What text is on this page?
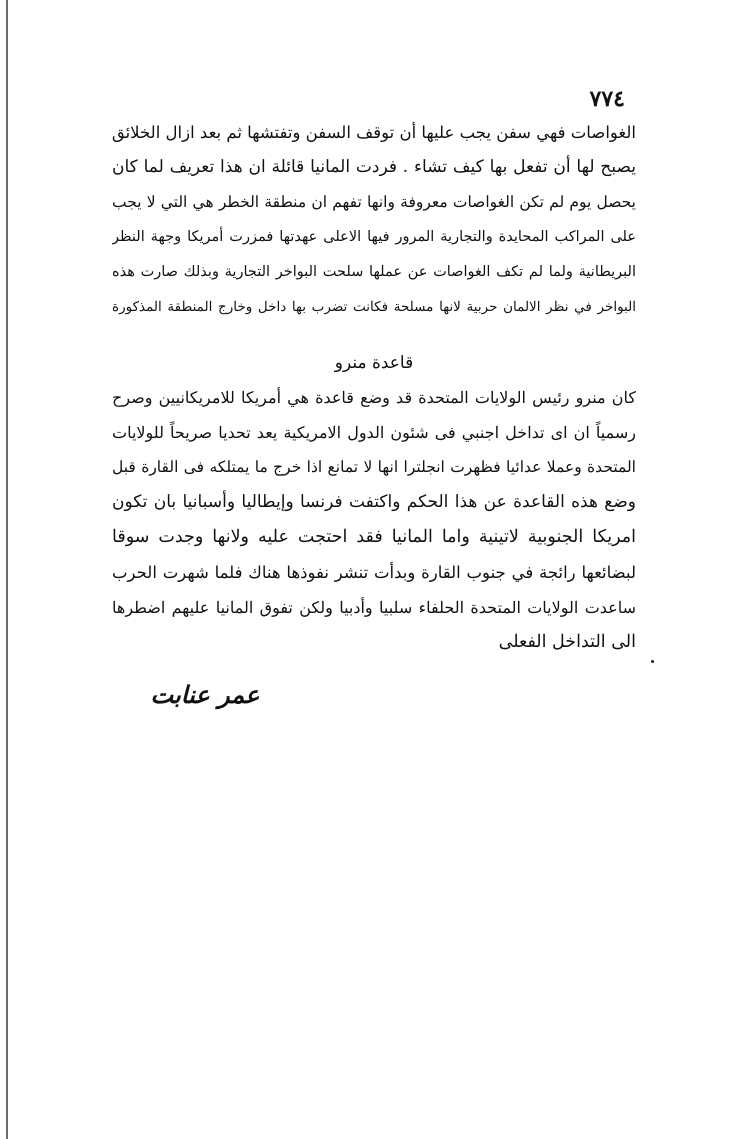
٧٧٤
الغواصات فهي سفن يجب عليها أن توقف السفن وتفتشها ثم بعد ازال الخلائق
يصبح لها أن تفعل بها كيف تشاء . فردت المانيا قائلة ان هذا تعريف لما كان
يحصل يوم لم تكن الغواصات معروفة وانها تفهم ان منطقة الخطر هي التي لا يجب
على المراكب المحايدة والتجارية المرور فيها الاعلى عهدتها فمزرت أمريكا وجهة النظر
البريطانية ولما لم تكف الغواصات عن عملها سلحت البواخر التجارية وبذلك صارت هذه
البواخر في نظر الالمان حربية لانها مسلحة فكانت تضرب بها داخل وخارج المنطقة المذكورة
قاعدة منرو
كان منرو رئيس الولايات المتحدة قد وضع قاعدة هي أمريكا للامريكانيين وصرح
رسمياً ان اى تداخل اجنبي فى شئون الدول الامريكية يعد تحديا صريحاً للولايات
المتحدة وعملا عدائيا فظهرت انجلترا انها لا تمانع اذا خرج ما يمتلكه فى القارة قبل
وضع هذه القاعدة عن هذا الحكم واكتفت فرنسا وإيطاليا وأسبانيا بان تكون
امريكا الجنوبية لاتينية واما المانيا فقد احتجت عليه ولانها وجدت سوقا
لبضائعها رائجة في جنوب القارة وبدأت تنشر نفوذها هناك فلما شهرت الحرب
ساعدت الولايات المتحدة الحلفاء سلبيا وأدبيا ولكن تفوق المانيا عليهم اضطرها
الى التداخل الفعلى
عمر عنابت
